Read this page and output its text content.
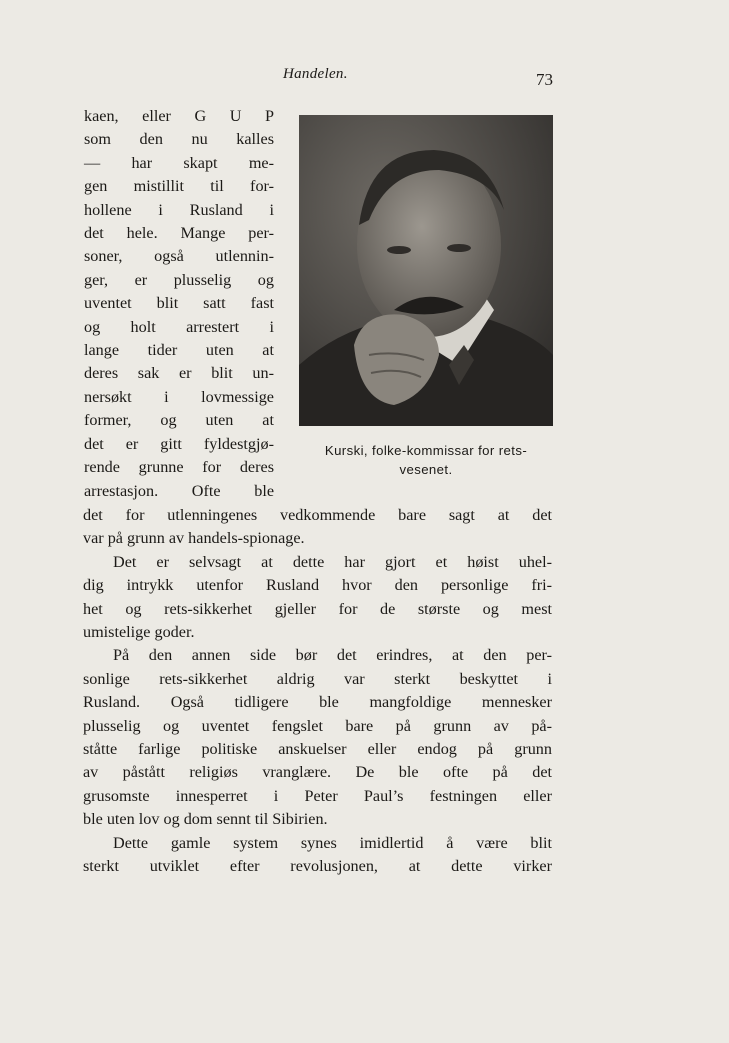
Handelen.	73
kaen, eller G U P
som den nu kalles
— har skapt me-
gen mistillit til for-
hollene i Rusland i
det hele. Mange per-
soner, også utlennin-
ger, er plusselig og
uventet blit satt fast
og holt arrestert i
lange tider uten at
deres sak er blit un-
nersøkt i lovmessige
former, og uten at
det er gitt fyldestgjø-
rende grunne for deres
arrestasjon. Ofte ble
Kurski, folke-kommissar for rets-
vesenet.
det for utlenningenes vedkommende bare sagt at det
var på grunn av handels-spionage.
Det er selvsagt at dette har gjort et høist uhel-
dig intrykk utenfor Rusland hvor den personlige fri-
het og rets-sikkerhet gjeller for de største og mest
umistelige goder.
På den annen side bør det erindres, at den per-
sonlige rets-sikkerhet aldrig var sterkt beskyttet i
Rusland. Også tidligere ble mangfoldige mennesker
plusselig og uventet fengslet bare på grunn av på-
ståtte farlige politiske anskuelser eller endog på grunn
av påstått religiøs vranglære. De ble ofte på det
grusomste innesperret i Peter Paul’s festningen eller
ble uten lov og dom sennt til Sibirien.
Dette gamle system synes imidlertid å være blit
sterkt utviklet efter revolusjonen, at dette virker
